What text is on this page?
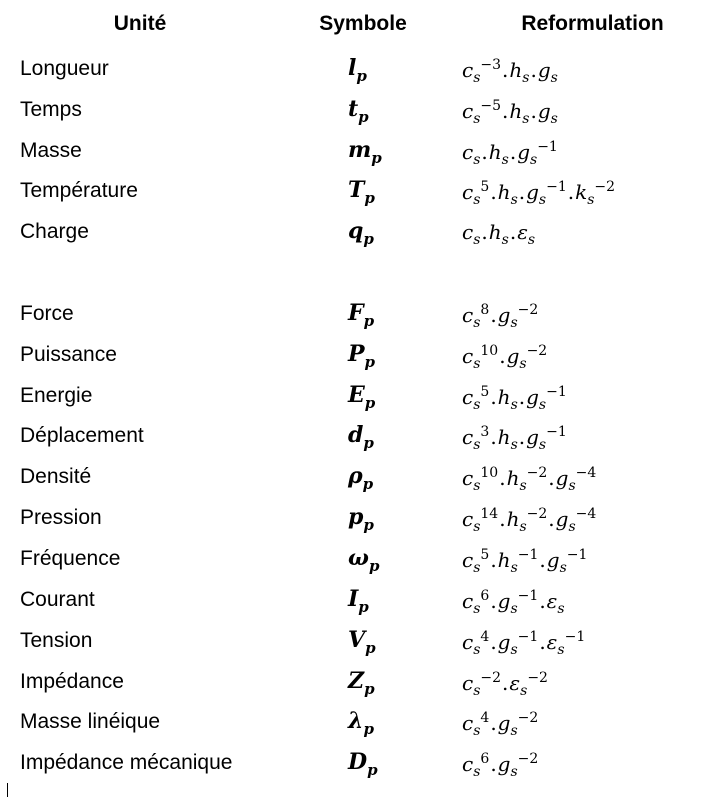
Unité	Symbole	Reformulation
Longueur	$l_p$	$c_s^{-3}.h_s.g_s$
Temps	$t_p$	$c_s^{-5}.h_s.g_s$
Masse	$m_p$	$c_s.h_s.g_s^{-1}$
Température	$T_p$	$c_s^5.h_s.g_s^{-1}.k_s^{-2}$
Charge	$q_p$	$c_s.h_s.\varepsilon_s$
Force	$F_p$	$c_s^8.g_s^{-2}$
Puissance	$P_p$	$c_s^{10}.g_s^{-2}$
Energie	$E_p$	$c_s^5.h_s.g_s^{-1}$
Déplacement	$d_p$	$c_s^3.h_s.g_s^{-1}$
Densité	$\rho_p$	$c_s^{10}.h_s^{-2}.g_s^{-4}$
Pression	$p_p$	$c_s^{14}.h_s^{-2}.g_s^{-4}$
Fréquence	$\omega_p$	$c_s^5.h_s^{-1}.g_s^{-1}$
Courant	$I_p$	$c_s^6.g_s^{-1}.\varepsilon_s$
Tension	$V_p$	$c_s^4.g_s^{-1}.\varepsilon_s^{-1}$
Impédance	$Z_p$	$c_s^{-2}.\varepsilon_s^{-2}$
Masse linéique	$\lambda_p$	$c_s^4.g_s^{-2}$
Impédance mécanique	$D_p$	$c_s^6.g_s^{-2}$
